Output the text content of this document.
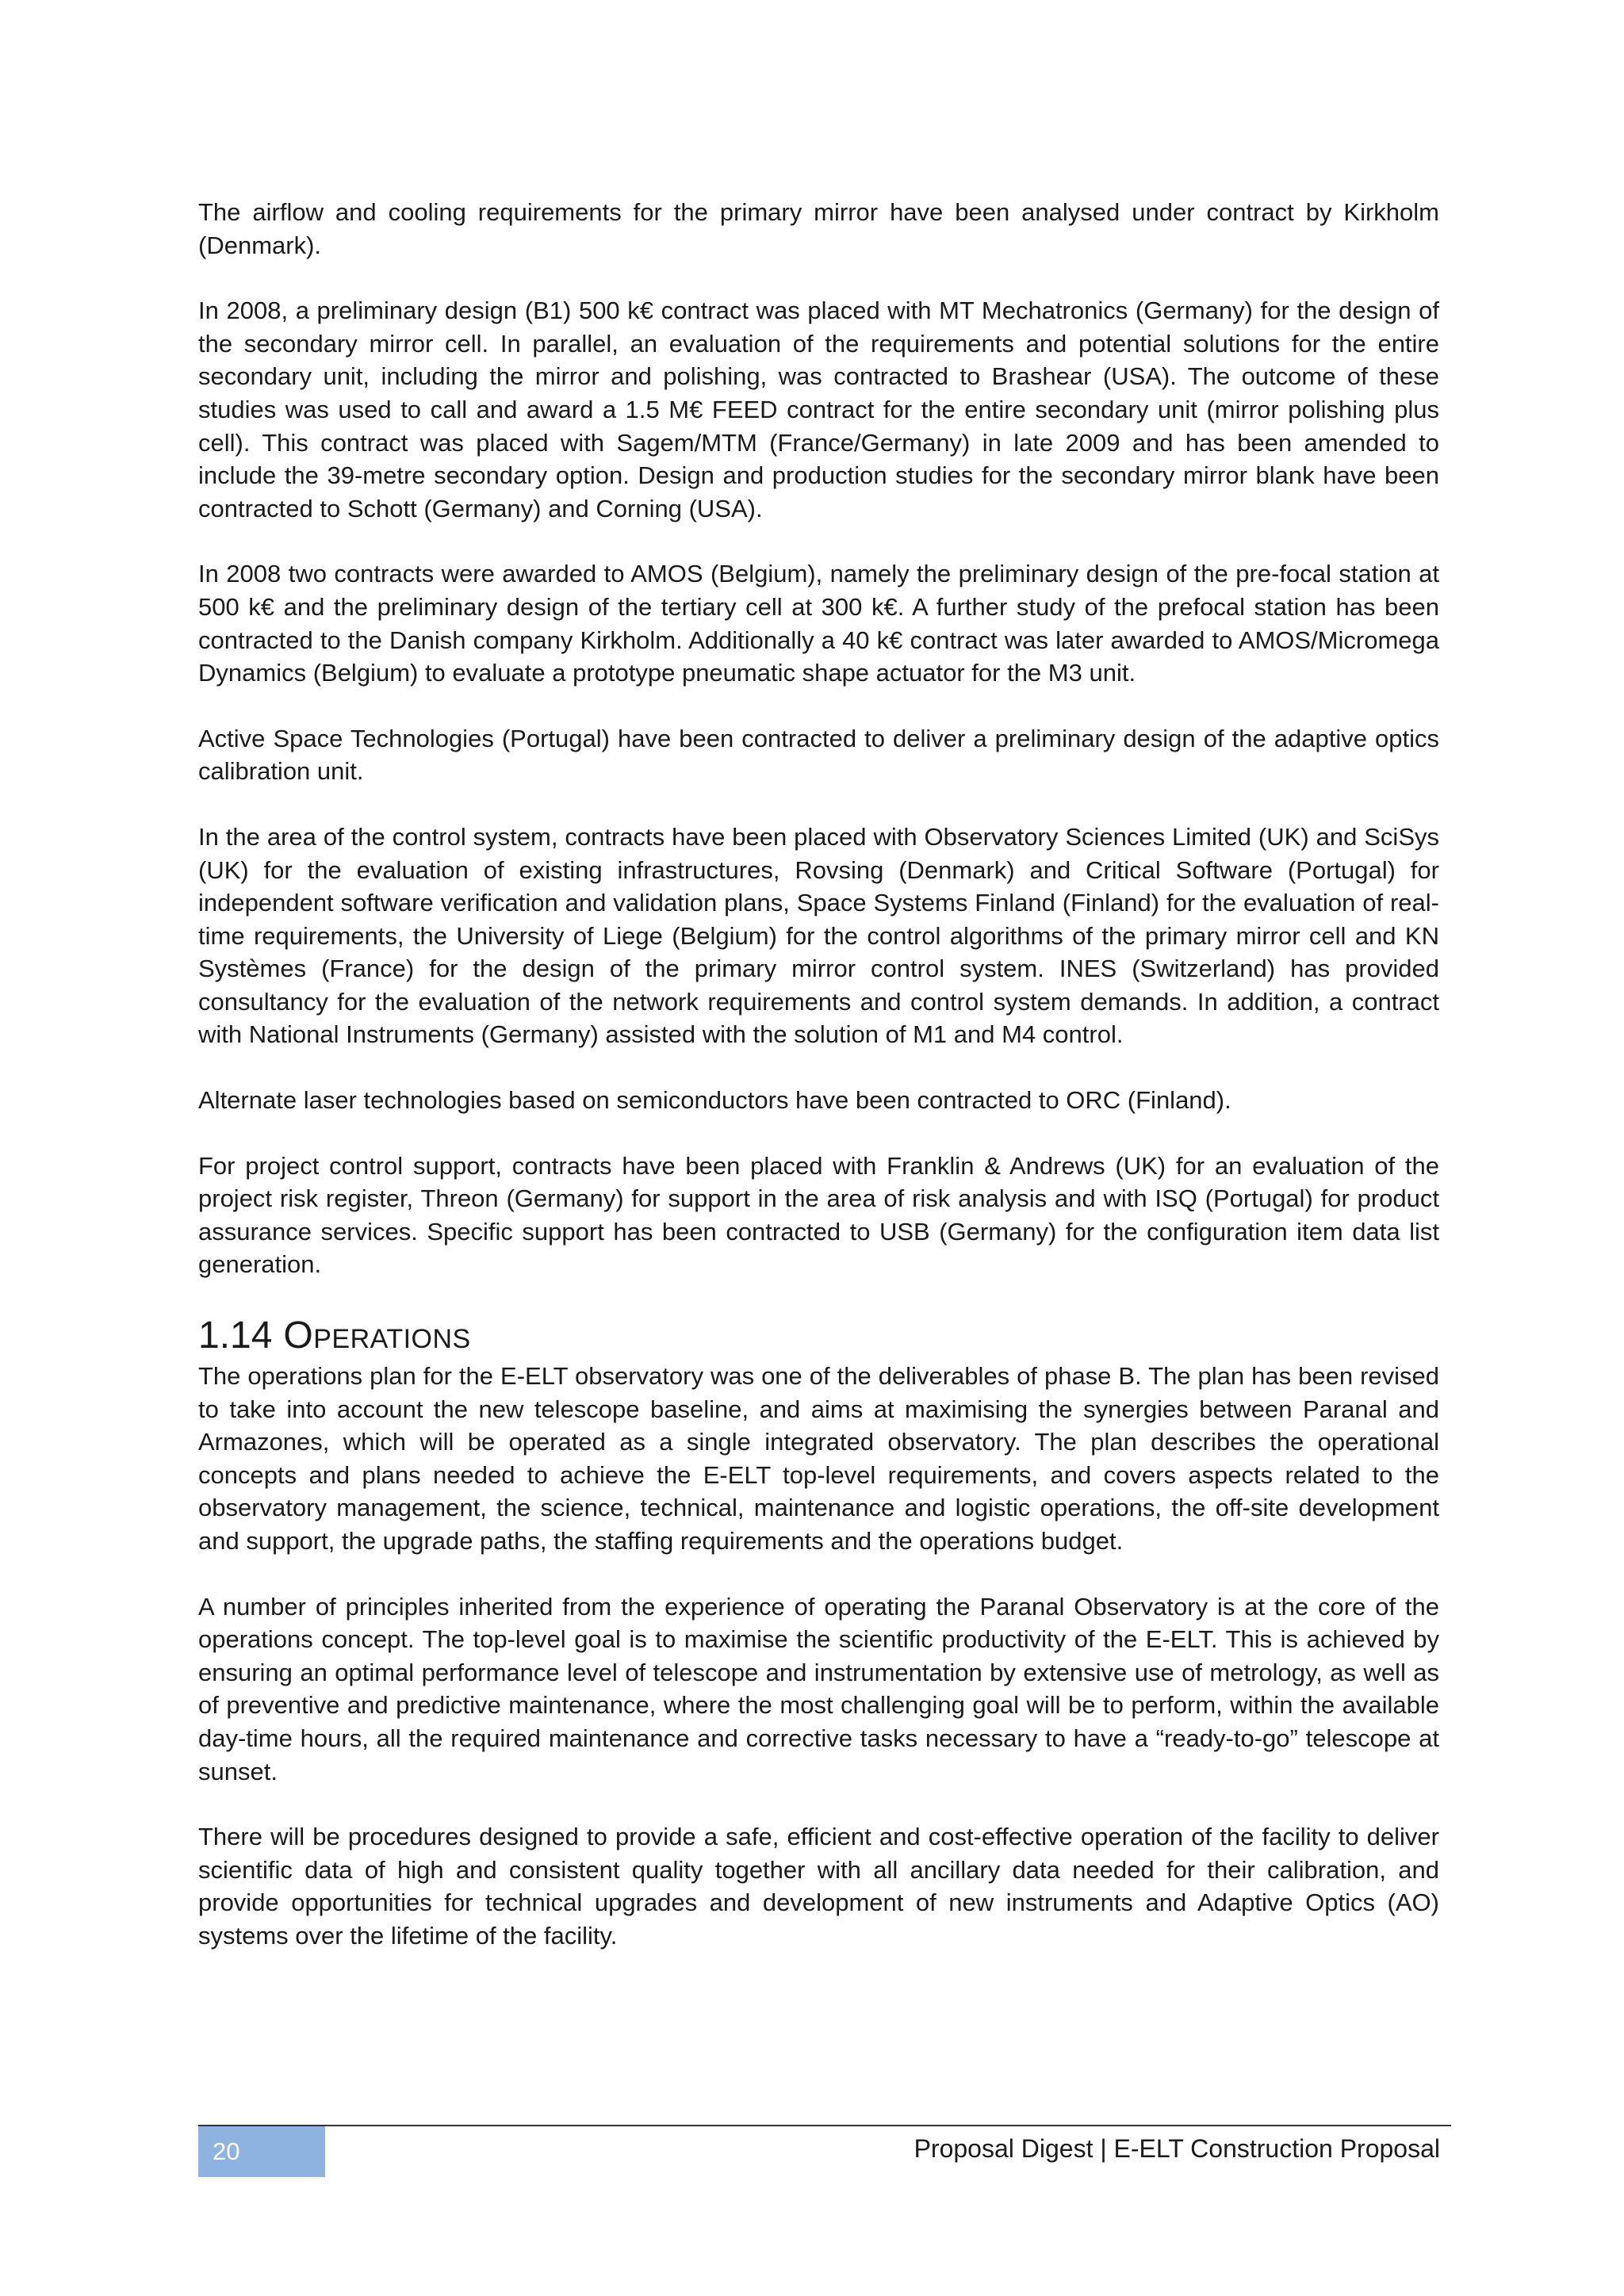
The airflow and cooling requirements for the primary mirror have been analysed under contract by Kirkholm (Denmark).

In 2008, a preliminary design (B1) 500 k€ contract was placed with MT Mechatronics (Germany) for the design of the secondary mirror cell. In parallel, an evaluation of the requirements and potential solutions for the entire secondary unit, including the mirror and polishing, was contracted to Brashear (USA). The outcome of these studies was used to call and award a 1.5 M€ FEED contract for the entire secondary unit (mirror polishing plus cell). This contract was placed with Sagem/MTM (France/Germany) in late 2009 and has been amended to include the 39-metre secondary option. Design and production studies for the secondary mirror blank have been contracted to Schott (Germany) and Corning (USA).

In 2008 two contracts were awarded to AMOS (Belgium), namely the preliminary design of the pre-focal station at 500 k€ and the preliminary design of the tertiary cell at 300 k€. A further study of the prefocal station has been contracted to the Danish company Kirkholm. Additionally a 40 k€ contract was later awarded to AMOS/Micromega Dynamics (Belgium) to evaluate a prototype pneumatic shape actuator for the M3 unit.

Active Space Technologies (Portugal) have been contracted to deliver a preliminary design of the adaptive optics calibration unit.

In the area of the control system, contracts have been placed with Observatory Sciences Limited (UK) and SciSys (UK) for the evaluation of existing infrastructures, Rovsing (Denmark) and Critical Software (Portugal) for independent software verification and validation plans, Space Systems Finland (Finland) for the evaluation of real-time requirements, the University of Liege (Belgium) for the control algorithms of the primary mirror cell and KN Systèmes (France) for the design of the primary mirror control system. INES (Switzerland) has provided consultancy for the evaluation of the network requirements and control system demands. In addition, a contract with National Instruments (Germany) assisted with the solution of M1 and M4 control.

Alternate laser technologies based on semiconductors have been contracted to ORC (Finland).

For project control support, contracts have been placed with Franklin & Andrews (UK) for an evaluation of the project risk register, Threon (Germany) for support in the area of risk analysis and with ISQ (Portugal) for product assurance services. Specific support has been contracted to USB (Germany) for the configuration item data list generation.

1.14 Operations

The operations plan for the E-ELT observatory was one of the deliverables of phase B. The plan has been revised to take into account the new telescope baseline, and aims at maximising the synergies between Paranal and Armazones, which will be operated as a single integrated observatory. The plan describes the operational concepts and plans needed to achieve the E-ELT top-level requirements, and covers aspects related to the observatory management, the science, technical, maintenance and logistic operations, the off-site development and support, the upgrade paths, the staffing requirements and the operations budget.

A number of principles inherited from the experience of operating the Paranal Observatory is at the core of the operations concept. The top-level goal is to maximise the scientific productivity of the E-ELT. This is achieved by ensuring an optimal performance level of telescope and instrumentation by extensive use of metrology, as well as of preventive and predictive maintenance, where the most challenging goal will be to perform, within the available day-time hours, all the required maintenance and corrective tasks necessary to have a “ready-to-go” telescope at sunset.

There will be procedures designed to provide a safe, efficient and cost-effective operation of the facility to deliver scientific data of high and consistent quality together with all ancillary data needed for their calibration, and provide opportunities for technical upgrades and development of new instruments and Adaptive Optics (AO) systems over the lifetime of the facility.

20	Proposal Digest | E-ELT Construction Proposal
